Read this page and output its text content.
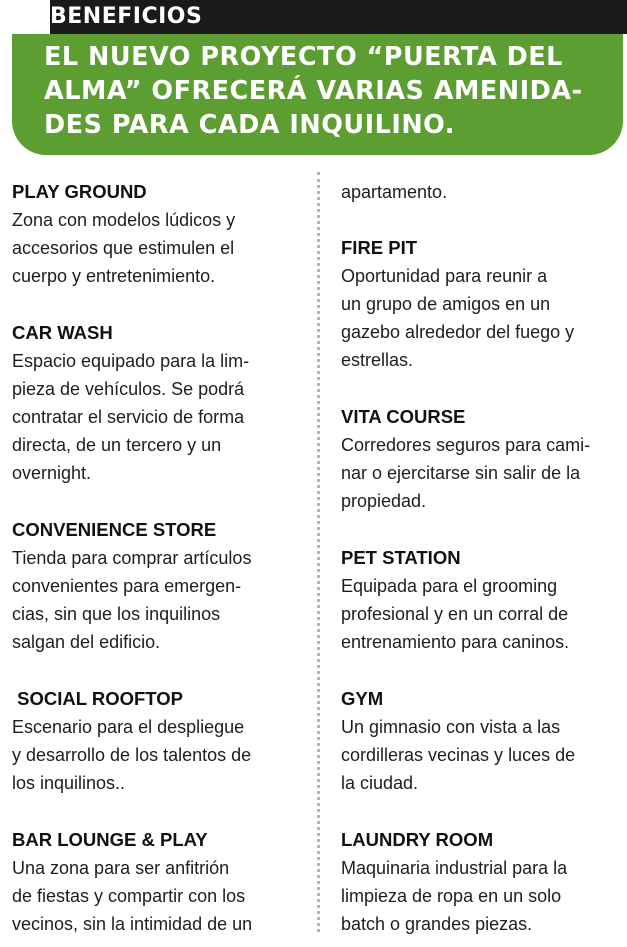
BENEFICIOS
EL NUEVO PROYECTO “PUERTA DEL
ALMA” OFRECERÁ VARIAS AMENIDA-
DES PARA CADA INQUILINO.

PLAY GROUND

Zona con modelos lúdicos y

accesorios que estimulen el

cuerpo y entretenimiento.

CAR WASH

Espacio equipado para la lim-

pieza de vehículos. Se podrá

contratar el servicio de forma

directa, de un tercero y un

overnight.

CONVENIENCE STORE

Tienda para comprar artículos

convenientes para emergen-

cias, sin que los inquilinos

salgan del edificio.

SOCIAL ROOFTOP

Escenario para el despliegue

y desarrollo de los talentos de

los inquilinos..

BAR LOUNGE & PLAY

Una zona para ser anfitrión

de fiestas y compartir con los

vecinos, sin la intimidad de un

apartamento.

FIRE PIT

Oportunidad para reunir a

un grupo de amigos en un

gazebo alrededor del fuego y

estrellas.

VITA COURSE

Corredores seguros para cami-

nar o ejercitarse sin salir de la

propiedad.

PET STATION

Equipada para el grooming

profesional y en un corral de

entrenamiento para caninos.

GYM

Un gimnasio con vista a las

cordilleras vecinas y luces de

la ciudad.

LAUNDRY ROOM

Maquinaria industrial para la

limpieza de ropa en un solo

batch o grandes piezas.
